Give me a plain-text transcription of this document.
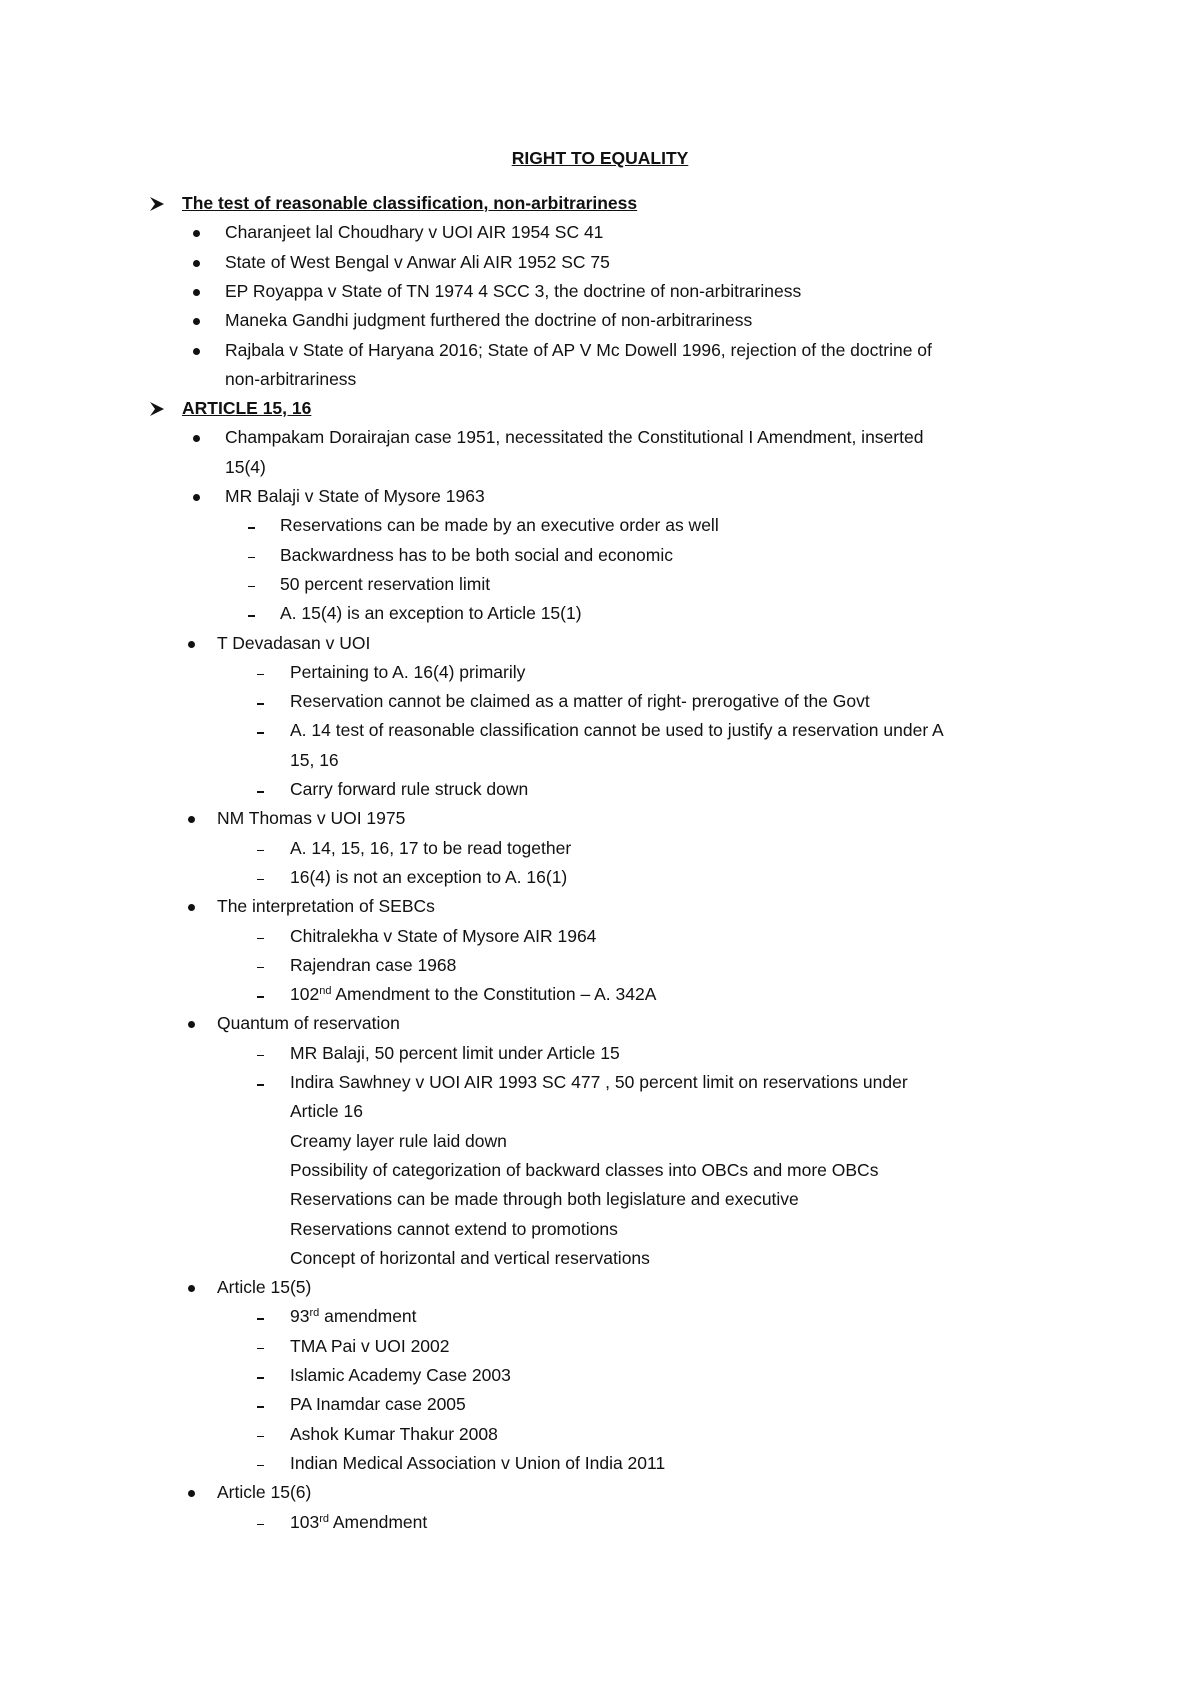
RIGHT TO EQUALITY
The test of reasonable classification, non-arbitrariness
Charanjeet lal Choudhary v UOI AIR 1954 SC 41
State of West Bengal v Anwar Ali AIR 1952 SC 75
EP Royappa v State of TN 1974 4 SCC 3, the doctrine of non-arbitrariness
Maneka Gandhi judgment furthered the doctrine of non-arbitrariness
Rajbala v State of Haryana 2016; State of AP V Mc Dowell 1996, rejection of the doctrine of
non-arbitrariness
ARTICLE 15, 16
Champakam Dorairajan case 1951, necessitated the Constitutional I Amendment, inserted
15(4)
MR Balaji v State of Mysore 1963
Reservations can be made by an executive order as well
Backwardness has to be both social and economic
50 percent reservation limit
A. 15(4) is an exception to Article 15(1)
T Devadasan v UOI
Pertaining to A. 16(4) primarily
Reservation cannot be claimed as a matter of right- prerogative of the Govt
A. 14 test of reasonable classification cannot be used to justify a reservation under A
15, 16
Carry forward rule struck down
NM Thomas v UOI 1975
A. 14, 15, 16, 17 to be read together
16(4) is not an exception to A. 16(1)
The interpretation of SEBCs
Chitralekha v State of Mysore AIR 1964
Rajendran case 1968
102nd Amendment to the Constitution – A. 342A
Quantum of reservation
MR Balaji, 50 percent limit under Article 15
Indira Sawhney v UOI AIR 1993 SC 477 , 50 percent limit on reservations under
Article 16
Creamy layer rule laid down
Possibility of categorization of backward classes into OBCs and more OBCs
Reservations can be made through both legislature and executive
Reservations cannot extend to promotions
Concept of horizontal and vertical reservations
Article 15(5)
93rd amendment
TMA Pai v UOI 2002
Islamic Academy Case 2003
PA Inamdar case 2005
Ashok Kumar Thakur 2008
Indian Medical Association v Union of India 2011
Article 15(6)
103rd Amendment
